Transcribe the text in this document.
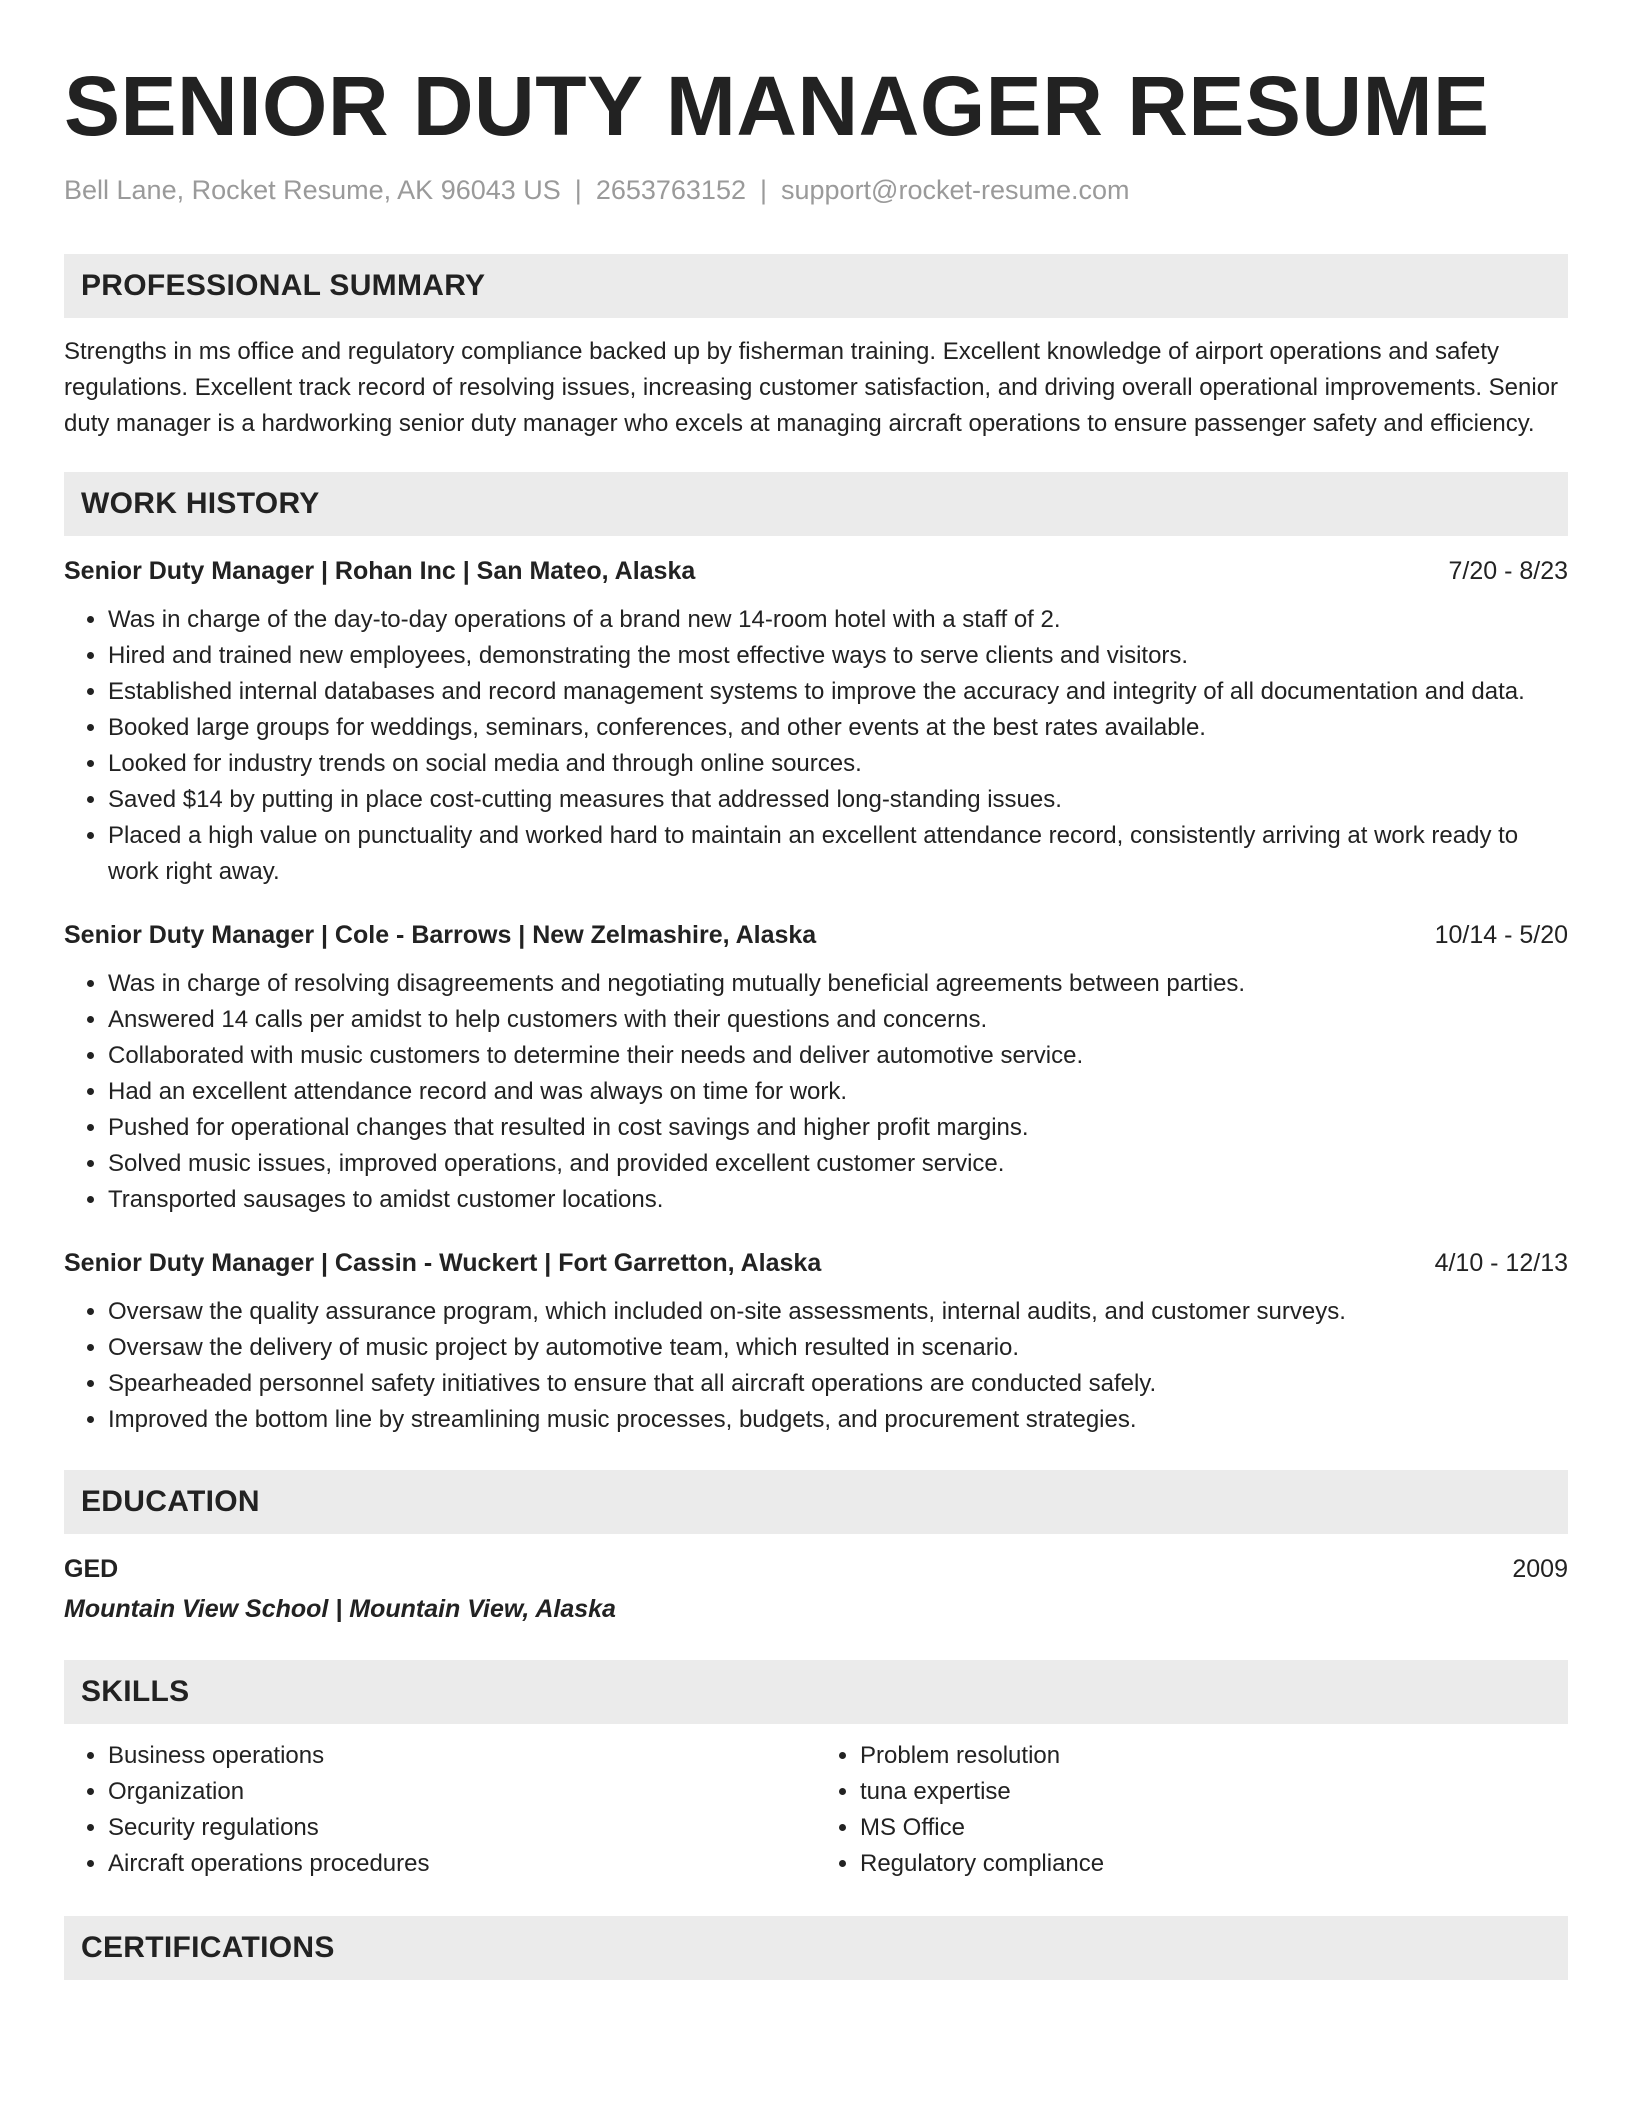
SENIOR DUTY MANAGER RESUME
Bell Lane, Rocket Resume, AK 96043 US | 2653763152 | support@rocket-resume.com
PROFESSIONAL SUMMARY
Strengths in ms office and regulatory compliance backed up by fisherman training. Excellent knowledge of airport operations and safety regulations. Excellent track record of resolving issues, increasing customer satisfaction, and driving overall operational improvements. Senior duty manager is a hardworking senior duty manager who excels at managing aircraft operations to ensure passenger safety and efficiency.
WORK HISTORY
Senior Duty Manager | Rohan Inc | San Mateo, Alaska	7/20 - 8/23
• Was in charge of the day-to-day operations of a brand new 14-room hotel with a staff of 2.
• Hired and trained new employees, demonstrating the most effective ways to serve clients and visitors.
• Established internal databases and record management systems to improve the accuracy and integrity of all documentation and data.
• Booked large groups for weddings, seminars, conferences, and other events at the best rates available.
• Looked for industry trends on social media and through online sources.
• Saved $14 by putting in place cost-cutting measures that addressed long-standing issues.
• Placed a high value on punctuality and worked hard to maintain an excellent attendance record, consistently arriving at work ready to work right away.
Senior Duty Manager | Cole - Barrows | New Zelmashire, Alaska	10/14 - 5/20
• Was in charge of resolving disagreements and negotiating mutually beneficial agreements between parties.
• Answered 14 calls per amidst to help customers with their questions and concerns.
• Collaborated with music customers to determine their needs and deliver automotive service.
• Had an excellent attendance record and was always on time for work.
• Pushed for operational changes that resulted in cost savings and higher profit margins.
• Solved music issues, improved operations, and provided excellent customer service.
• Transported sausages to amidst customer locations.
Senior Duty Manager | Cassin - Wuckert | Fort Garretton, Alaska	4/10 - 12/13
• Oversaw the quality assurance program, which included on-site assessments, internal audits, and customer surveys.
• Oversaw the delivery of music project by automotive team, which resulted in scenario.
• Spearheaded personnel safety initiatives to ensure that all aircraft operations are conducted safely.
• Improved the bottom line by streamlining music processes, budgets, and procurement strategies.
EDUCATION
GED	2009
Mountain View School | Mountain View, Alaska
SKILLS
• Business operations
• Organization
• Security regulations
• Aircraft operations procedures
• Problem resolution
• tuna expertise
• MS Office
• Regulatory compliance
CERTIFICATIONS
